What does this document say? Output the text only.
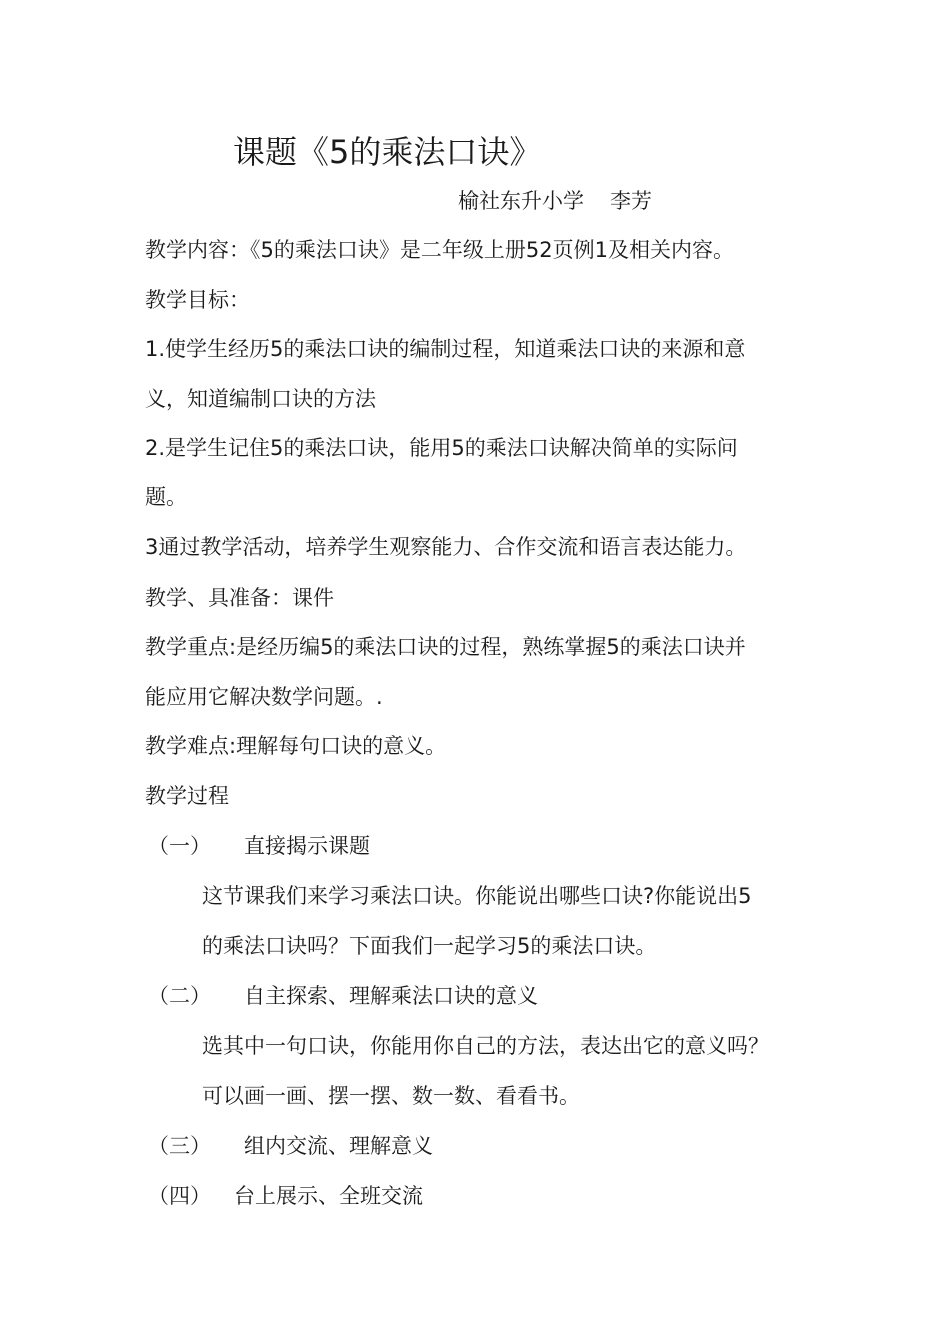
课题《5的乘法口诀》
榆社东升小学 李芳
教学内容：《5的乘法口诀》是二年级上册52页例1及相关内容。
教学目标：
1.使学生经历5的乘法口诀的编制过程，知道乘法口诀的来源和意
义，知道编制口诀的方法
2.是学生记住5的乘法口诀，能用5的乘法口诀解决简单的实际问
题。
3通过教学活动，培养学生观察能力、合作交流和语言表达能力。
教学、具准备：课件
教学重点:是经历编5的乘法口诀的过程，熟练掌握5的乘法口诀并
能应用它解决数学问题。.
教学难点:理解每句口诀的意义。
教学过程
（一） 直接揭示课题
这节课我们来学习乘法口诀。你能说出哪些口诀?你能说出5
的乘法口诀吗？下面我们一起学习5的乘法口诀。
（二） 自主探索、理解乘法口诀的意义
选其中一句口诀，你能用你自己的方法，表达出它的意义吗？
可以画一画、摆一摆、数一数、看看书。
（三） 组内交流、理解意义
（四） 台上展示、全班交流
